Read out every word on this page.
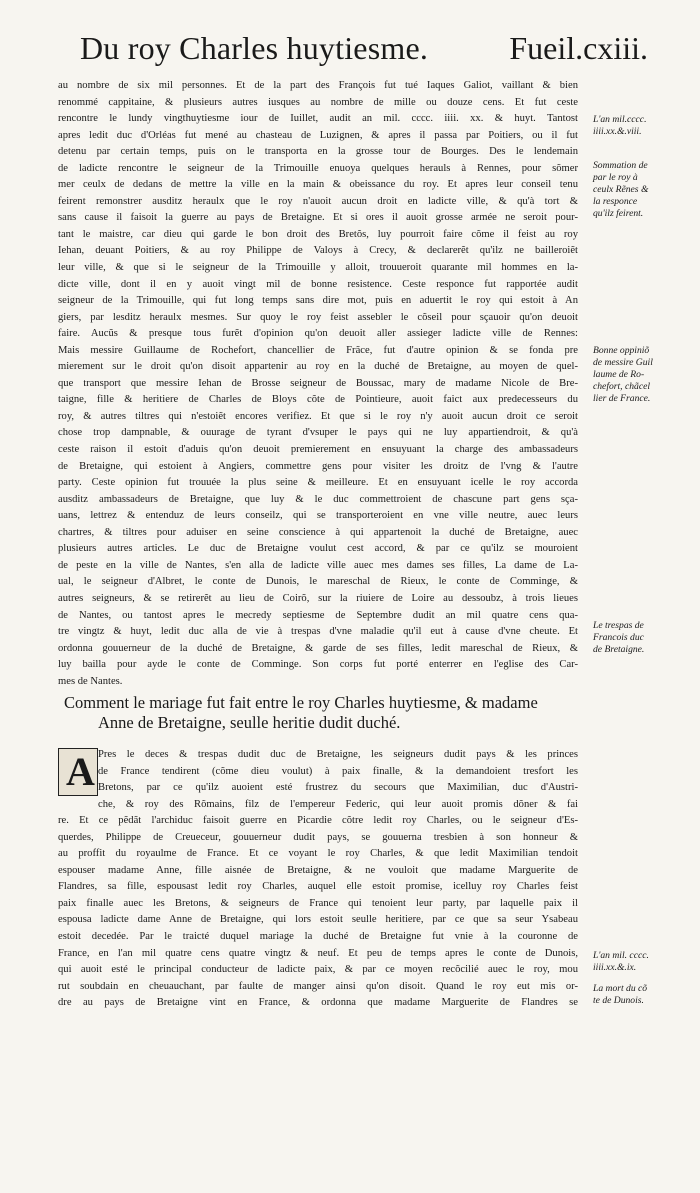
Du roy Charles huytiesme.	Fueil.cxiii.
au nombre de six mil personnes. Et de la part des François fut tué Iaques Galiot, vaillant & bien
renommé cappitaine, & plusieurs autres iusques au nombre de mille ou douze cens. Et fut ceste
rencontre le lundy vingthuytiesme iour de Iuillet, audit an mil. cccc. iiii. xx. & huyt. Tantost
apres ledit duc d'Orléas fut mené au chasteau de Luzignen, & apres il passa par Poitiers, ou il fut
detenu par certain temps, puis on le transporta en la grosse tour de Bourges. Des le lendemain
de ladicte rencontre le seigneur de la Trimouille enuoya quelques herauls à Rennes, pour sõmer
mer ceulx de dedans de mettre la ville en la main & obeissance du roy. Et apres leur conseil tenu
feirent remonstrer ausditz heraulx que le roy n'auoit aucun droit en ladicte ville, & qu'à tort &
sans cause il faisoit la guerre au pays de Bretaigne. Et si ores il auoit grosse armée ne seroit pour-
tant le maistre, car dieu qui garde le bon droit des Bretõs, luy pourroit faire cõme il feist au roy
Iehan, deuant Poitiers, & au roy Philippe de Valoys à Crecy, & declarerẽt qu'ilz ne bailleroiẽt
leur ville, & que si le seigneur de la Trimouille y alloit, trouueroit quarante mil hommes en la-
dicte ville, dont il en y auoit vingt mil de bonne resistence. Ceste responce fut rapportée audit
seigneur de la Trimouille, qui fut long temps sans dire mot, puis en aduertit le roy qui estoit à An
giers, par lesditz heraulx mesmes. Sur quoy le roy feist assebler le cõseil pour sçauoir qu'on deuoit
faire. Aucũs & presque tous furẽt d'opinion qu'on deuoit aller assieger ladicte ville de Rennes:
Mais messire Guillaume de Rochefort, chancellier de Frãce, fut d'autre opinion & se fonda pre
mierement sur le droit qu'on disoit appartenir au roy en la duché de Bretaigne, au moyen de quel-
que transport que messire Iehan de Brosse seigneur de Boussac, mary de madame Nicole de Bre-
taigne, fille & heritiere de Charles de Bloys cõte de Pointieure, auoit faict aux predecesseurs du
roy, & autres tiltres qui n'estoiẽt encores verifiez. Et que si le roy n'y auoit aucun droit ce seroit
chose trop dampnable, & ouurage de tyrant d'vsuper le pays qui ne luy appartiendroit, & qu'à
ceste raison il estoit d'aduis qu'on deuoit premierement en ensuyuant la charge des ambassadeurs
de Bretaigne, qui estoient à Angiers, commettre gens pour visiter les droitz de l'vng & l'autre
party. Ceste opinion fut trouuée la plus seine & meilleure. Et en ensuyuant icelle le roy accorda
ausditz ambassadeurs de Bretaigne, que luy & le duc commettroient de chascune part gens sça-
uans, lettrez & entenduz de leurs conseilz, qui se transporteroient en vne ville neutre, auec leurs
chartres, & tiltres pour aduiser en seine conscience à qui appartenoit la duché de Bretaigne, auec
plusieurs autres articles. Le duc de Bretaigne voulut cest accord, & par ce qu'ilz se mouroient
de peste en la ville de Nantes, s'en alla de ladicte ville auec mes dames ses filles, La dame de La-
ual, le seigneur d'Albret, le conte de Dunois, le mareschal de Rieux, le conte de Comminge, &
autres seigneurs, & se retirerẽt au lieu de Coirõ, sur la riuiere de Loire au dessoubz, à trois lieues
de Nantes, ou tantost apres le mecredy septiesme de Septembre dudit an mil quatre cens qua-
tre vingtz & huyt, ledit duc alla de vie à trespas d'vne maladie qu'il eut à cause d'vne cheute. Et
ordonna gouuerneur de la duché de Bretaigne, & garde de ses filles, ledit mareschal de Rieux, &
luy bailla pour ayde le conte de Comminge. Son corps fut porté enterrer en l'eglise des Car-
mes de Nantes.
Comment le mariage fut fait entre le roy Charles huytiesme, & madame
Anne de Bretaigne, seulle heritie dudit duché.
A Pres le deces & trespas dudit duc de Bretaigne, les seigneurs dudit pays & les princes
de France tendirent (cõme dieu voulut) à paix finalle, & la demandoient tresfort les
Bretons, par ce qu'ilz auoient esté frustrez du secours que Maximilian, duc d'Austri-
che, & roy des Rõmains, filz de l'empereur Federic, qui leur auoit promis dõner & fai
re. Et ce pẽdãt l'archiduc faisoit guerre en Picardie cõtre ledit roy Charles, ou le seigneur d'Es-
querdes, Philippe de Creueceur, gouuerneur dudit pays, se gouuerna tresbien à son honneur &
au proffit du royaulme de France. Et ce voyant le roy Charles, & que ledit Maximilian tendoit
espouser madame Anne, fille aisnée de Bretaigne, & ne vouloit que madame Marguerite de
Flandres, sa fille, espousast ledit roy Charles, auquel elle estoit promise, icelluy roy Charles feist
paix finalle auec les Bretons, & seigneurs de France qui tenoient leur party, par laquelle paix il
espousa ladicte dame Anne de Bretaigne, qui lors estoit seulle heritiere, par ce que sa seur Ysabeau
estoit decedée. Par le traicté duquel mariage la duché de Bretaigne fut vnie à la couronne de
France, en l'an mil quatre cens quatre vingtz & neuf. Et peu de temps apres le conte de Dunois,
qui auoit esté le principal conducteur de ladicte paix, & par ce moyen recõcilié auec le roy, mou
rut soubdain en cheuauchant, par faulte de manger ainsi qu'on disoit. Quand le roy eut mis or-
dre au pays de Bretaigne vint en France, & ordonna que madame Marguerite de Flandres se
L'an mil.cccc.
iiii.xx.&.viii.
Sommation de
par le roy à
ceulx Rẽnes &
la responce
qu'ilz feirent.
Bonne oppiniõ
de messire Guil
laume de Ro-
chefort, chãcel
lier de France.
Le trespas de
Francois duc
de Bretaigne.
L'an mil. cccc.
iiii.xx.&.ix.
La mort du cõ
te de Dunois.
